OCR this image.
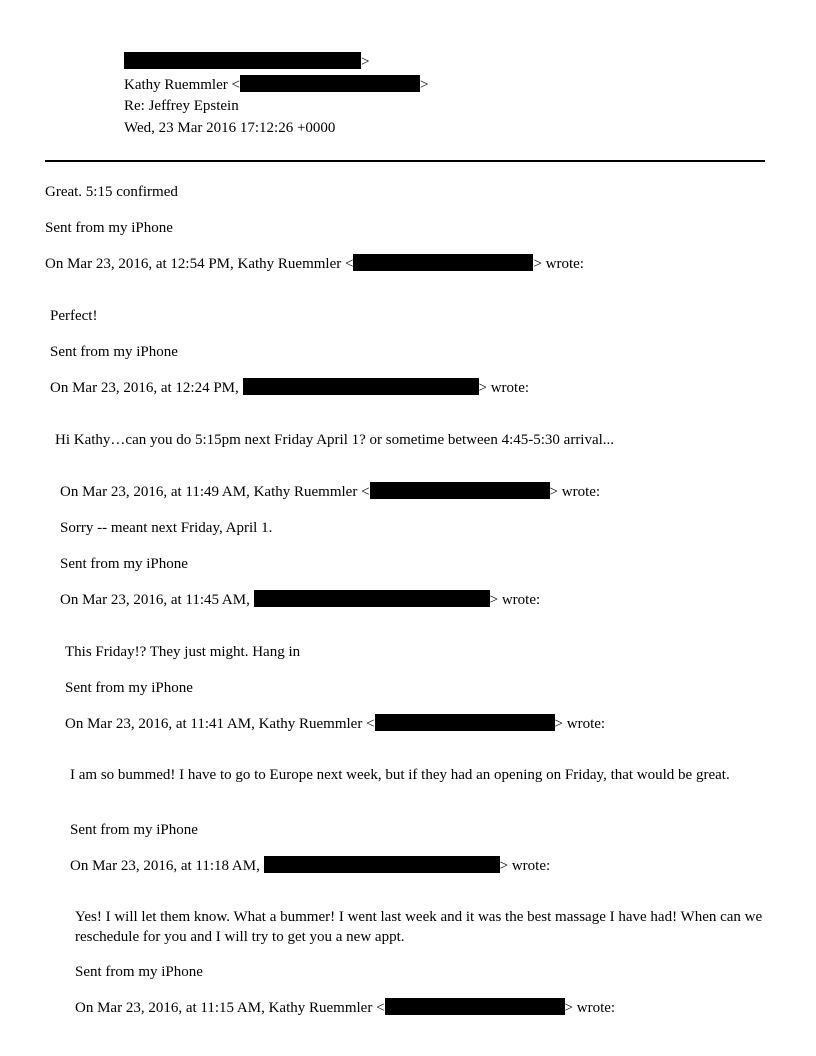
>
Kathy Ruemmler <	>
Re: Jeffrey Epstein
Wed, 23 Mar 2016 17:12:26 +0000
Great. 5:15 confirmed
Sent from my iPhone
On Mar 23, 2016, at 12:54 PM, Kathy Ruemmler <	> wrote:
Perfect!
Sent from my iPhone
On Mar 23, 2016, at 12:24 PM,	> wrote:
Hi Kathy…can you do 5:15pm next Friday April 1? or sometime between 4:45-5:30 arrival...
On Mar 23, 2016, at 11:49 AM, Kathy Ruemmler <	> wrote:
Sorry -- meant next Friday, April 1.
Sent from my iPhone
On Mar 23, 2016, at 11:45 AM,	> wrote:
This Friday!? They just might. Hang in
Sent from my iPhone
On Mar 23, 2016, at 11:41 AM, Kathy Ruemmler <	> wrote:
I am so bummed! I have to go to Europe next week, but if they had an opening on Friday, that would be great.
Sent from my iPhone
On Mar 23, 2016, at 11:18 AM,	> wrote:
Yes! I will let them know. What a bummer! I went last week and it was the best massage I have had! When can we reschedule for you and I will try to get you a new appt.
Sent from my iPhone
On Mar 23, 2016, at 11:15 AM, Kathy Ruemmler <	> wrote:
